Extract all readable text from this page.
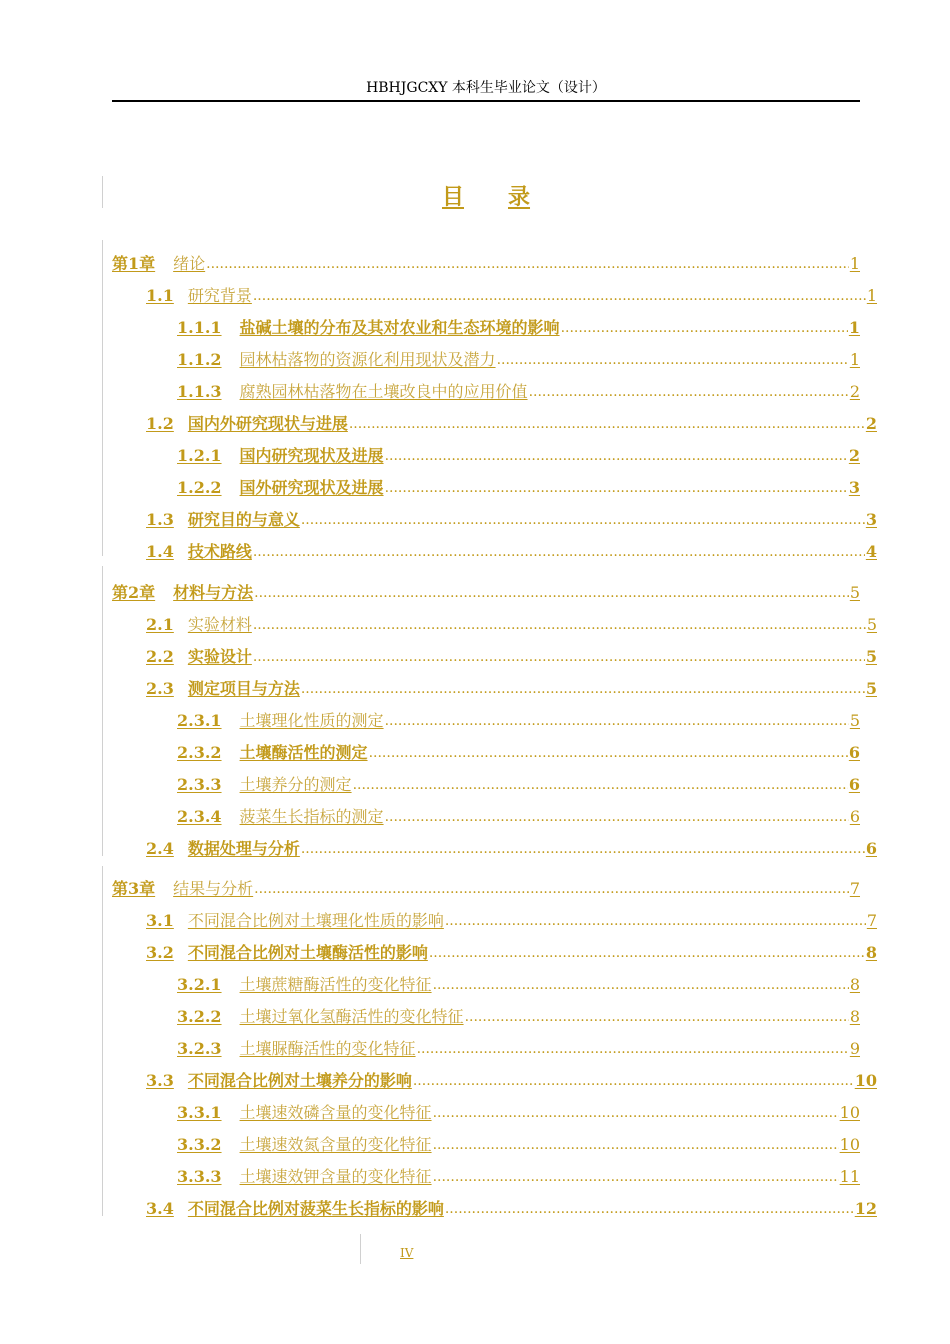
HBHJGCXY 本科生毕业论文（设计）
目 录
第1章 绪论 .....	1
1.1 研究背景 .....	1
1.1.1 盐碱土壤的分布及其对农业和生态环境的影响 .....	1
1.1.2 园林枯落物的资源化利用现状及潜力 .....	1
1.1.3 腐熟园林枯落物在土壤改良中的应用价值 .....	2
1.2 国内外研究现状与进展 .....	2
1.2.1 国内研究现状及进展 .....	2
1.2.2 国外研究现状及进展 .....	3
1.3 研究目的与意义 .....	3
1.4 技术路线 .....	4
第2章 材料与方法 .....	5
2.1 实验材料 .....	5
2.2 实验设计 .....	5
2.3 测定项目与方法 .....	5
2.3.1 土壤理化性质的测定 .....	5
2.3.2 土壤酶活性的测定 .....	6
2.3.3 土壤养分的测定 .....	6
2.3.4 菠菜生长指标的测定 .....	6
2.4 数据处理与分析 .....	6
第3章 结果与分析 .....	7
3.1 不同混合比例对土壤理化性质的影响 .....	7
3.2 不同混合比例对土壤酶活性的影响 .....	8
3.2.1 土壤蔗糖酶活性的变化特征 .....	8
3.2.2 土壤过氧化氢酶活性的变化特征 .....	8
3.2.3 土壤脲酶活性的变化特征 .....	9
3.3 不同混合比例对土壤养分的影响 .....	10
3.3.1 土壤速效磷含量的变化特征 .....	10
3.3.2 土壤速效氮含量的变化特征 .....	10
3.3.3 土壤速效钾含量的变化特征 .....	11
3.4 不同混合比例对菠菜生长指标的影响 .....	12
IV
